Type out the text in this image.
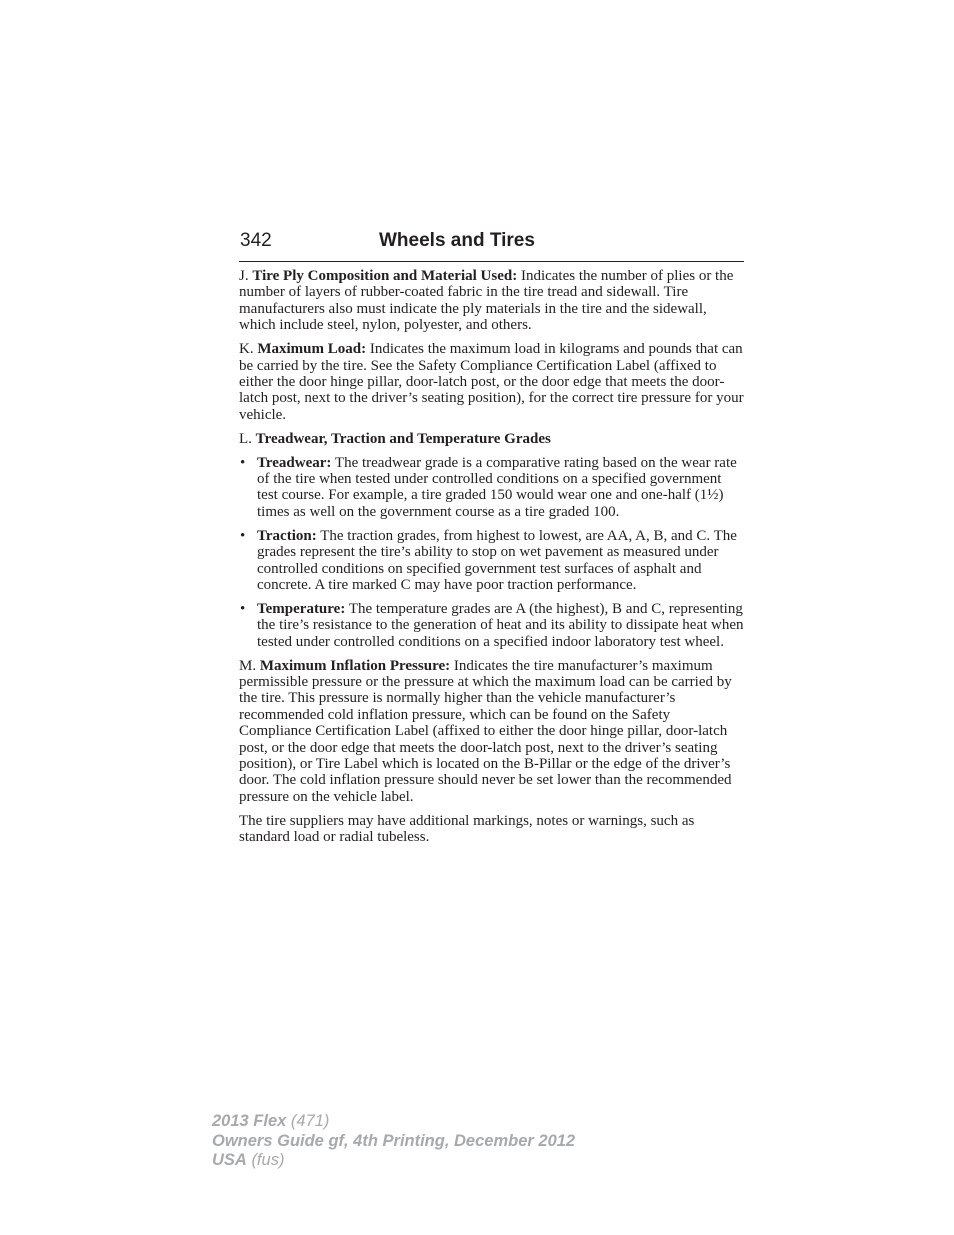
342	Wheels and Tires

J. Tire Ply Composition and Material Used: Indicates the number of plies or the number of layers of rubber-coated fabric in the tire tread and sidewall. Tire manufacturers also must indicate the ply materials in the tire and the sidewall, which include steel, nylon, polyester, and others.

K. Maximum Load: Indicates the maximum load in kilograms and pounds that can be carried by the tire. See the Safety Compliance Certification Label (affixed to either the door hinge pillar, door-latch post, or the door edge that meets the door-latch post, next to the driver’s seating position), for the correct tire pressure for your vehicle.

L. Treadwear, Traction and Temperature Grades

• Treadwear: The treadwear grade is a comparative rating based on the wear rate of the tire when tested under controlled conditions on a specified government test course. For example, a tire graded 150 would wear one and one-half (1½) times as well on the government course as a tire graded 100.
• Traction: The traction grades, from highest to lowest, are AA, A, B, and C. The grades represent the tire’s ability to stop on wet pavement as measured under controlled conditions on specified government test surfaces of asphalt and concrete. A tire marked C may have poor traction performance.
• Temperature: The temperature grades are A (the highest), B and C, representing the tire’s resistance to the generation of heat and its ability to dissipate heat when tested under controlled conditions on a specified indoor laboratory test wheel.

M. Maximum Inflation Pressure: Indicates the tire manufacturer’s maximum permissible pressure or the pressure at which the maximum load can be carried by the tire. This pressure is normally higher than the vehicle manufacturer’s recommended cold inflation pressure, which can be found on the Safety Compliance Certification Label (affixed to either the door hinge pillar, door-latch post, or the door edge that meets the door-latch post, next to the driver’s seating position), or Tire Label which is located on the B-Pillar or the edge of the driver’s door. The cold inflation pressure should never be set lower than the recommended pressure on the vehicle label.

The tire suppliers may have additional markings, notes or warnings, such as standard load or radial tubeless.

2013 Flex (471)
Owners Guide gf, 4th Printing, December 2012
USA (fus)
